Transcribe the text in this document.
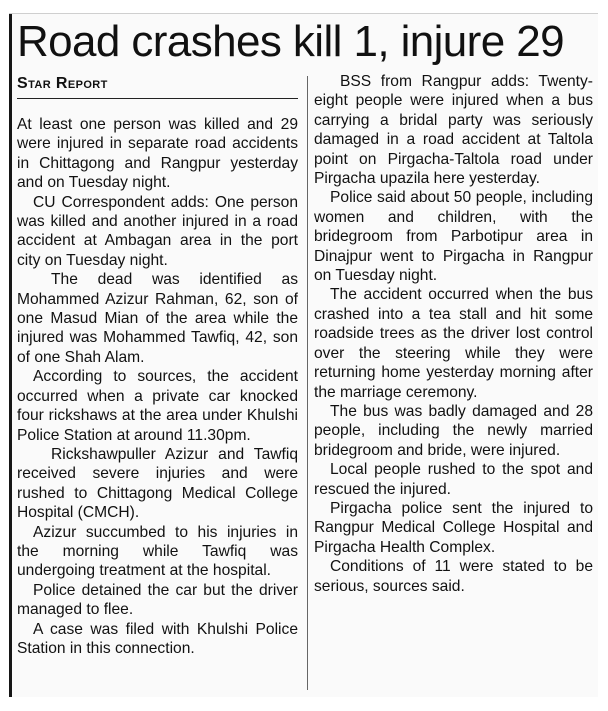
Road crashes kill 1, injure 29
Star Report

At least one person was killed and 29 were injured in separate road accidents in Chittagong and Rangpur yesterday and on Tuesday night.

CU Correspondent adds: One person was killed and another injured in a road accident at Ambagan area in the port city on Tuesday night.

The dead was identified as Mohammed Azizur Rahman, 62, son of one Masud Mian of the area while the injured was Mohammed Tawfiq, 42, son of one Shah Alam.

According to sources, the accident occurred when a private car knocked four rickshaws at the area under Khulshi Police Station at around 11.30pm.

Rickshawpuller Azizur and Tawfiq received severe injuries and were rushed to Chittagong Medical College Hospital (CMCH).

Azizur succumbed to his injuries in the morning while Tawfiq was undergoing treatment at the hospital.

Police detained the car but the driver managed to flee.

A case was filed with Khulshi Police Station in this connection.

BSS from Rangpur adds: Twenty-eight people were injured when a bus carrying a bridal party was seriously damaged in a road accident at Taltola point on Pirgacha-Taltola road under Pirgacha upazila here yesterday.

Police said about 50 people, including women and children, with the bridegroom from Parbotipur area in Dinajpur went to Pirgacha in Rangpur on Tuesday night.

The accident occurred when the bus crashed into a tea stall and hit some roadside trees as the driver lost control over the steering while they were returning home yesterday morning after the marriage ceremony.

The bus was badly damaged and 28 people, including the newly married bridegroom and bride, were injured.

Local people rushed to the spot and rescued the injured.

Pirgacha police sent the injured to Rangpur Medical College Hospital and Pirgacha Health Complex.

Conditions of 11 were stated to be serious, sources said.
